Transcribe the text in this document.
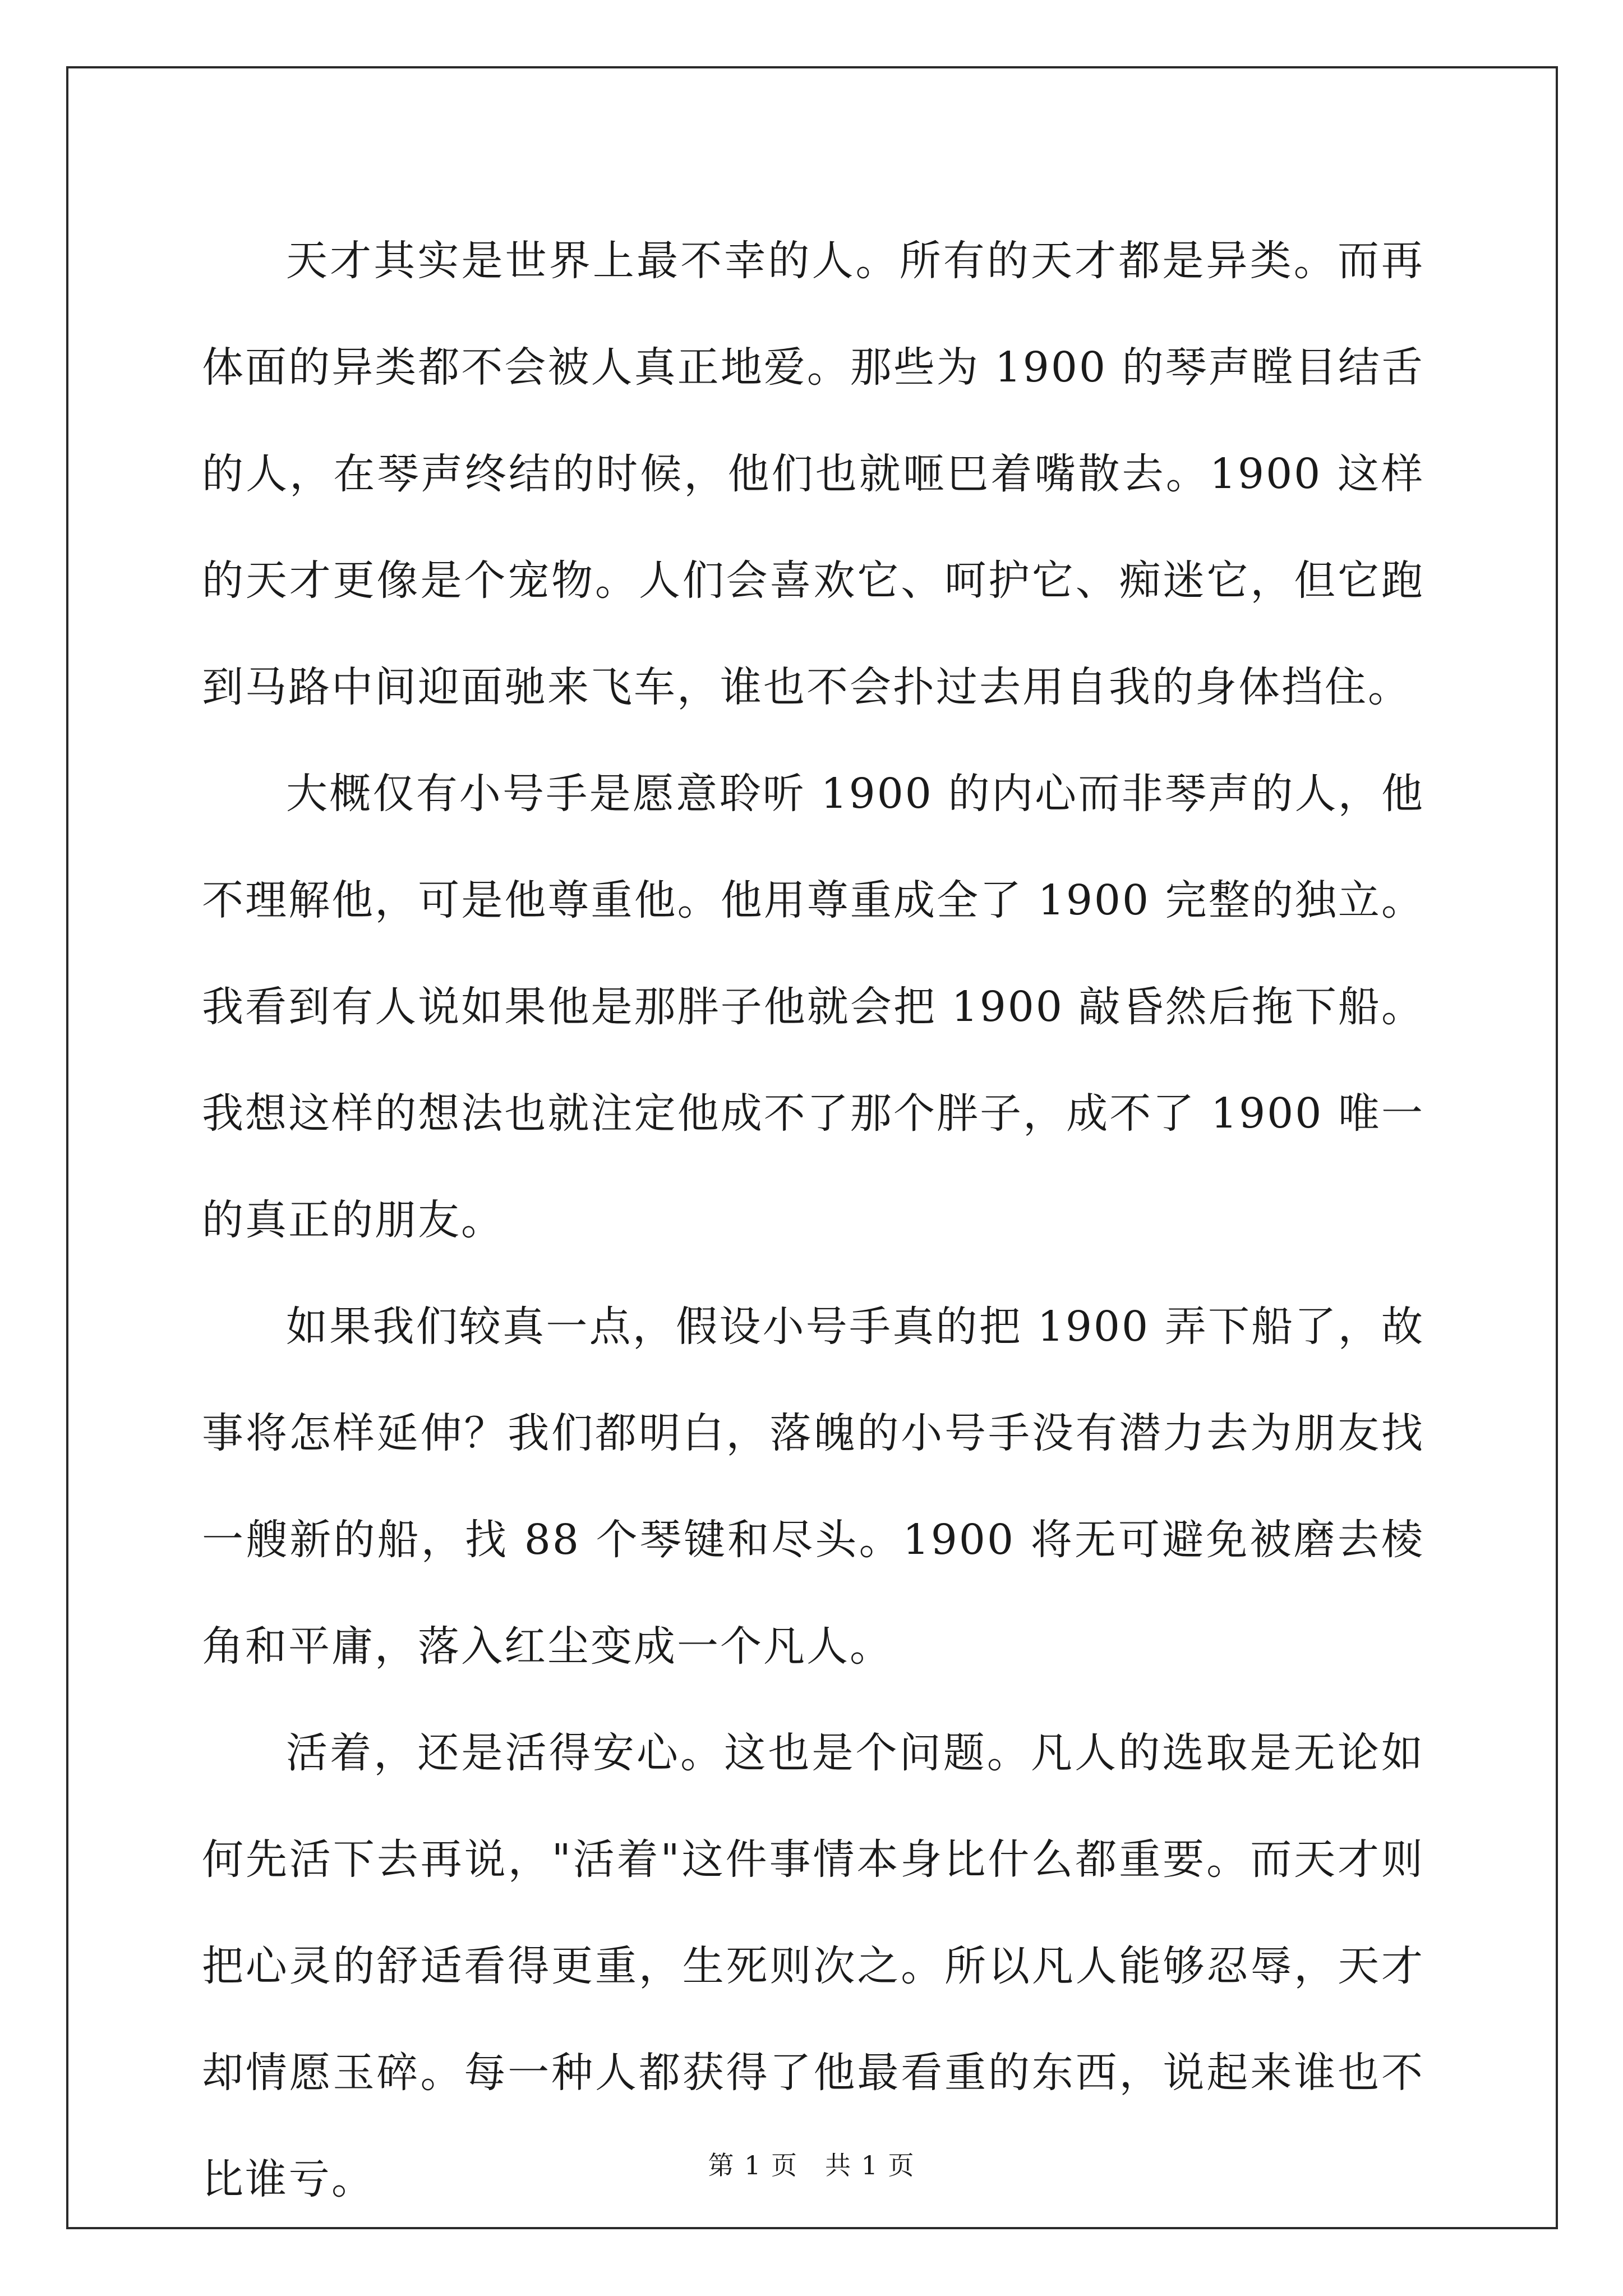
天才其实是世界上最不幸的人。所有的天才都是异类。而再体面的异类都不会被人真正地爱。那些为 1900 的琴声瞠目结舌的人，在琴声终结的时候，他们也就咂巴着嘴散去。1900 这样的天才更像是个宠物。人们会喜欢它、呵护它、痴迷它，但它跑到马路中间迎面驰来飞车，谁也不会扑过去用自我的身体挡住。

大概仅有小号手是愿意聆听 1900 的内心而非琴声的人，他不理解他，可是他尊重他。他用尊重成全了 1900 完整的独立。我看到有人说如果他是那胖子他就会把 1900 敲昏然后拖下船。我想这样的想法也就注定他成不了那个胖子，成不了 1900 唯一的真正的朋友。

如果我们较真一点，假设小号手真的把 1900 弄下船了，故事将怎样延伸？我们都明白，落魄的小号手没有潜力去为朋友找一艘新的船，找 88 个琴键和尽头。1900 将无可避免被磨去棱角和平庸，落入红尘变成一个凡人。

活着，还是活得安心。这也是个问题。凡人的选取是无论如何先活下去再说，"活着"这件事情本身比什么都重要。而天才则把心灵的舒适看得更重，生死则次之。所以凡人能够忍辱，天才却情愿玉碎。每一种人都获得了他最看重的东西，说起来谁也不比谁亏。	第 1 页　共 1 页
